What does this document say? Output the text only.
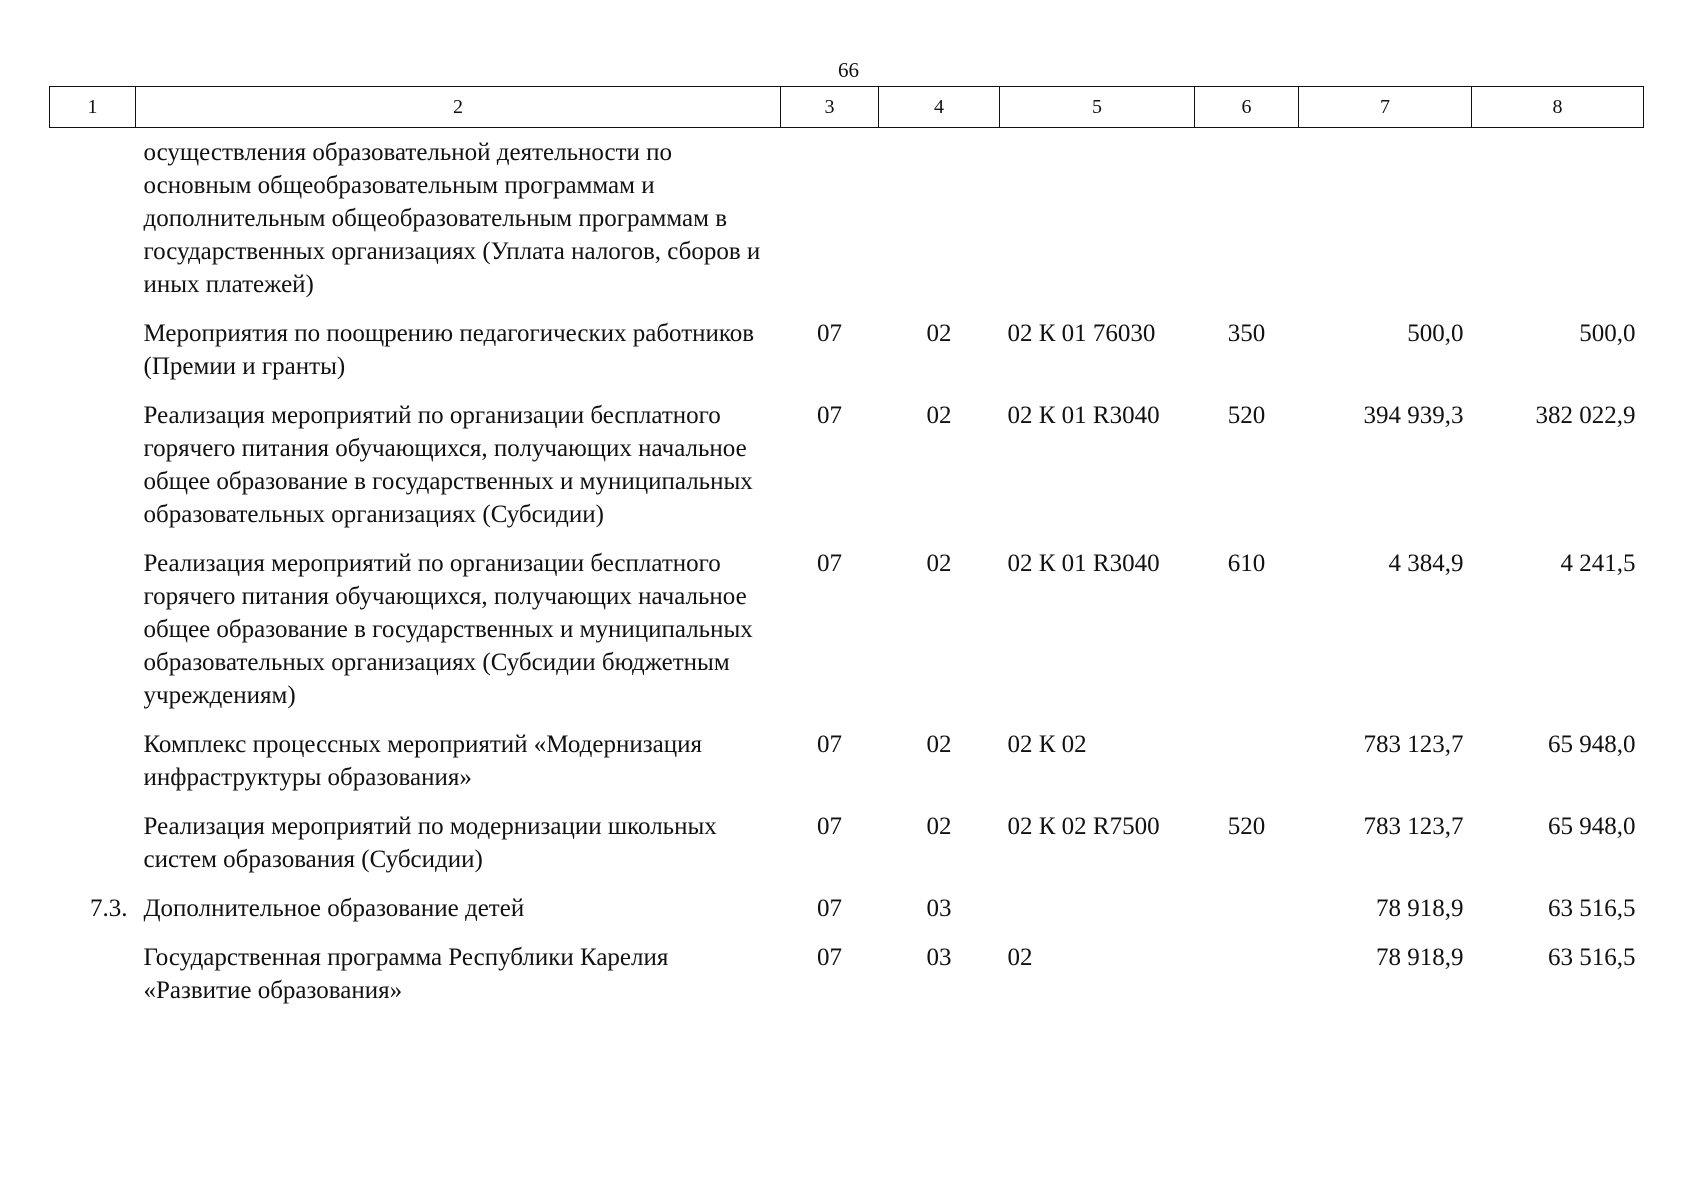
66
1	2	3	4	5	6	7	8
	осуществления образовательной деятельности по основным общеобразовательным программам и дополнительным общеобразовательным программам в государственных организациях (Уплата налогов, сборов и иных платежей)						
	Мероприятия по поощрению педагогических работников (Премии и гранты)	07	02	02 К 01 76030	350	500,0	500,0
	Реализация мероприятий по организации бесплатного горячего питания обучающихся, получающих начальное общее образование в государственных и муниципальных образовательных организациях (Субсидии)	07	02	02 К 01 R3040	520	394 939,3	382 022,9
	Реализация мероприятий по организации бесплатного горячего питания обучающихся, получающих начальное общее образование в государственных и муниципальных образовательных организациях (Субсидии бюджетным учреждениям)	07	02	02 К 01 R3040	610	4 384,9	4 241,5
	Комплекс процессных мероприятий «Модернизация инфраструктуры образования»	07	02	02 К 02		783 123,7	65 948,0
	Реализация мероприятий по модернизации школьных систем образования (Субсидии)	07	02	02 К 02 R7500	520	783 123,7	65 948,0
7.3.	Дополнительное образование детей	07	03			78 918,9	63 516,5
	Государственная программа Республики Карелия «Развитие образования»	07	03	02		78 918,9	63 516,5
